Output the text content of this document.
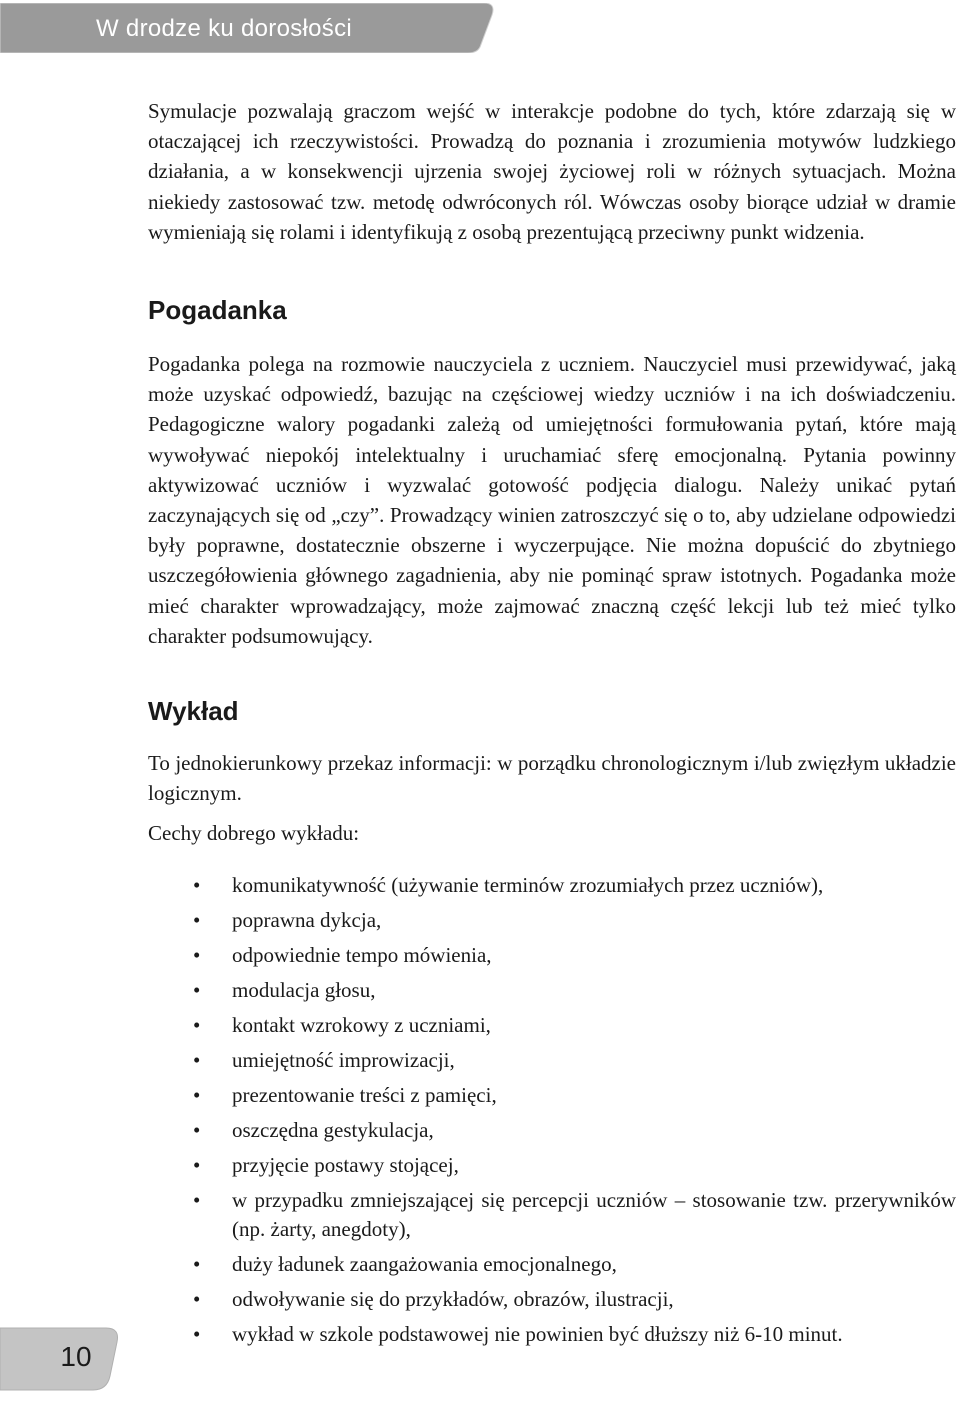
W drodze ku dorosłości

Symulacje pozwalają graczom wejść w interakcje podobne do tych, które zdarzają się w otaczającej ich rzeczywistości. Prowadzą do poznania i zrozumienia motywów ludzkiego działania, a w konsekwencji ujrzenia swojej życiowej roli w różnych sytuacjach. Można niekiedy zastosować tzw. metodę odwróconych ról. Wówczas osoby biorące udział w dramie wymieniają się rolami i identyfikują z osobą prezentującą przeciwny punkt widzenia.

Pogadanka

Pogadanka polega na rozmowie nauczyciela z uczniem. Nauczyciel musi przewidywać, jaką może uzyskać odpowiedź, bazując na częściowej wiedzy uczniów i na ich doświadczeniu. Pedagogiczne walory pogadanki zależą od umiejętności formułowania pytań, które mają wywoływać niepokój intelektualny i uruchamiać sferę emocjonalną. Pytania powinny aktywizować uczniów i wyzwalać gotowość podjęcia dialogu. Należy unikać pytań zaczynających się od „czy”. Prowadzący winien zatroszczyć się o to, aby udzielane odpowiedzi były poprawne, dostatecznie obszerne i wyczerpujące. Nie można dopuścić do zbytniego uszczegółowienia głównego zagadnienia, aby nie pominąć spraw istotnych. Pogadanka może mieć charakter wprowadzający, może zajmować znaczną część lekcji lub też mieć tylko charakter podsumowujący.

Wykład

To jednokierunkowy przekaz informacji: w porządku chronologicznym i/lub zwięzłym układzie logicznym.

Cechy dobrego wykładu:

• komunikatywność (używanie terminów zrozumiałych przez uczniów),
• poprawna dykcja,
• odpowiednie tempo mówienia,
• modulacja głosu,
• kontakt wzrokowy z uczniami,
• umiejętność improwizacji,
• prezentowanie treści z pamięci,
• oszczędna gestykulacja,
• przyjęcie postawy stojącej,
• w przypadku zmniejszającej się percepcji uczniów – stosowanie tzw. przerywników (np. żarty, anegdoty),
• duży ładunek zaangażowania emocjonalnego,
• odwoływanie się do przykładów, obrazów, ilustracji,
• wykład w szkole podstawowej nie powinien być dłuższy niż 6-10 minut.
10
